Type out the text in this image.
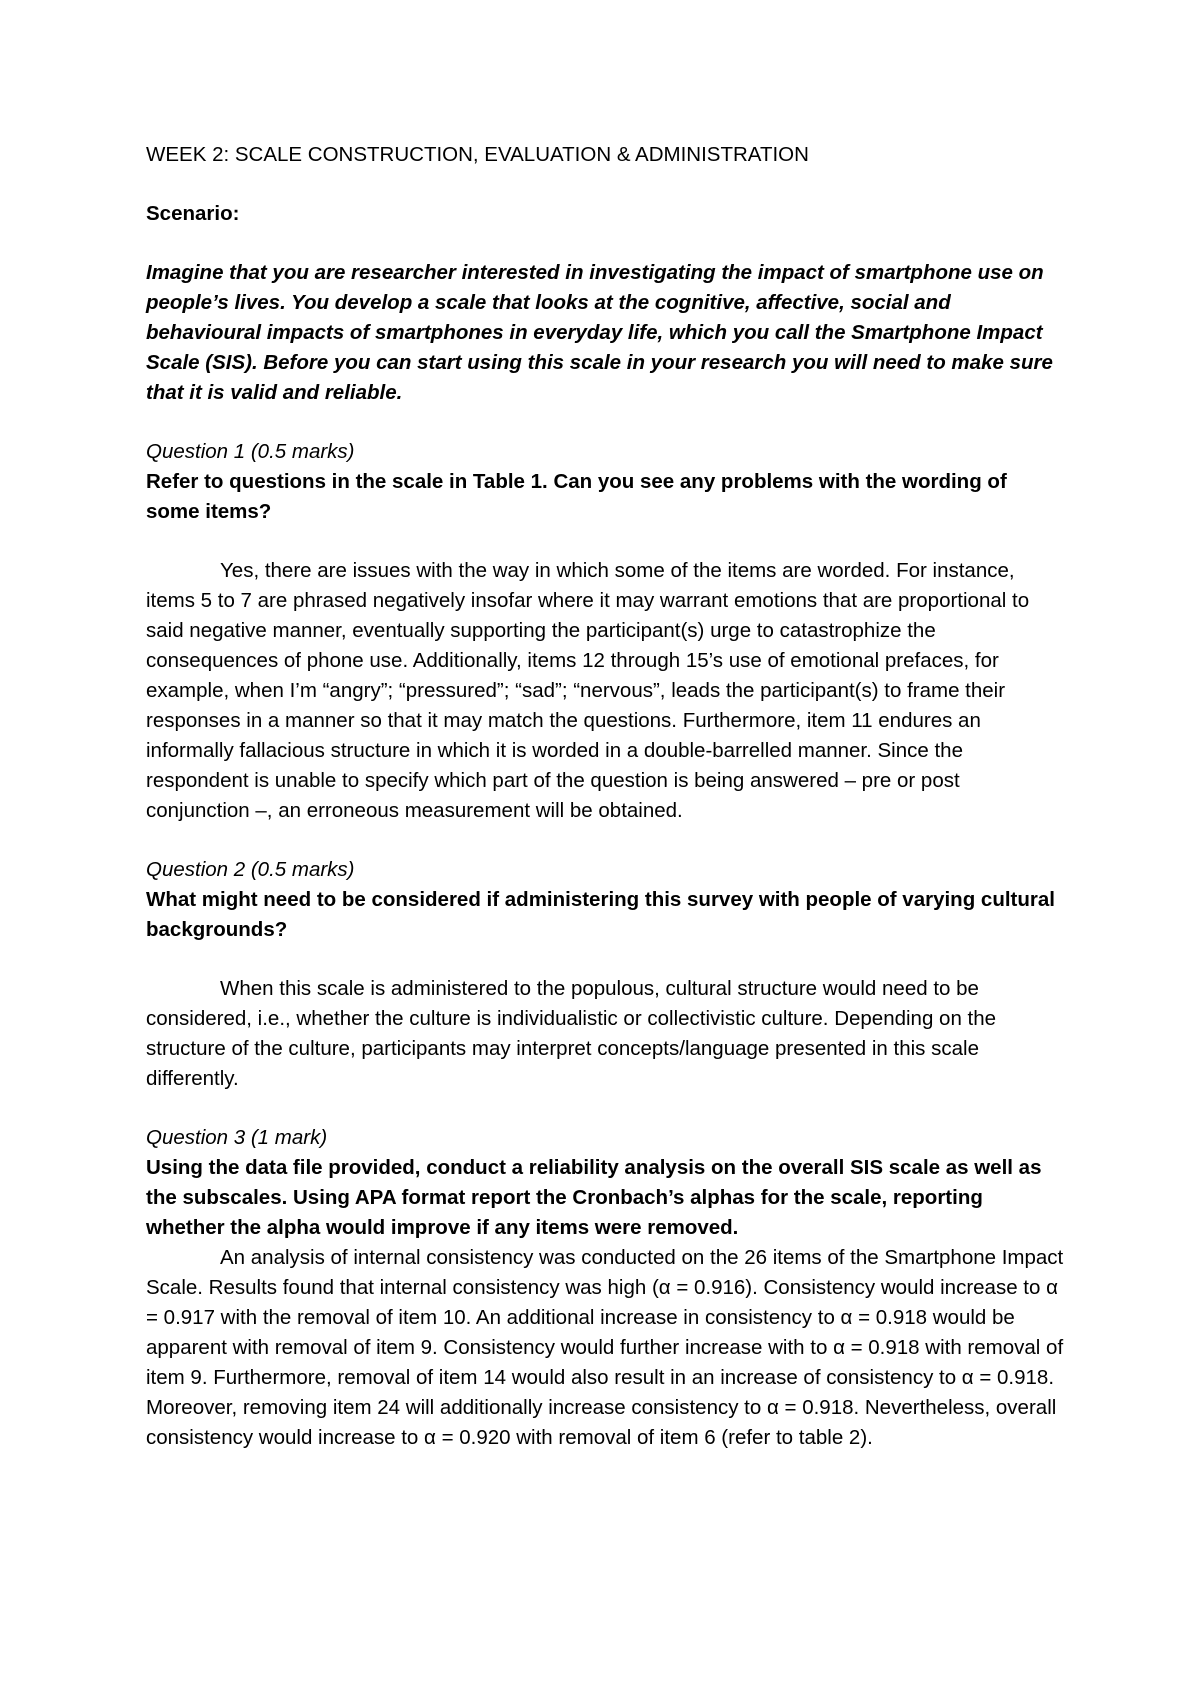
WEEK 2: SCALE CONSTRUCTION, EVALUATION & ADMINISTRATION

Scenario:

Imagine that you are researcher interested in investigating the impact of smartphone use on people’s lives. You develop a scale that looks at the cognitive, affective, social and behavioural impacts of smartphones in everyday life, which you call the Smartphone Impact Scale (SIS). Before you can start using this scale in your research you will need to make sure that it is valid and reliable.

Question 1 (0.5 marks)

Refer to questions in the scale in Table 1. Can you see any problems with the wording of some items?

Yes, there are issues with the way in which some of the items are worded. For instance, items 5 to 7 are phrased negatively insofar where it may warrant emotions that are proportional to said negative manner, eventually supporting the participant(s) urge to catastrophize the consequences of phone use. Additionally, items 12 through 15’s use of emotional prefaces, for example, when I’m “angry”; “pressured”; “sad”; “nervous”, leads the participant(s) to frame their responses in a manner so that it may match the questions. Furthermore, item 11 endures an informally fallacious structure in which it is worded in a double-barrelled manner. Since the respondent is unable to specify which part of the question is being answered – pre or post conjunction –, an erroneous measurement will be obtained.

Question 2 (0.5 marks)

What might need to be considered if administering this survey with people of varying cultural backgrounds?

When this scale is administered to the populous, cultural structure would need to be considered, i.e., whether the culture is individualistic or collectivistic culture. Depending on the structure of the culture, participants may interpret concepts/language presented in this scale differently.

Question 3 (1 mark)

Using the data file provided, conduct a reliability analysis on the overall SIS scale as well as the subscales. Using APA format report the Cronbach’s alphas for the scale, reporting whether the alpha would improve if any items were removed.

An analysis of internal consistency was conducted on the 26 items of the Smartphone Impact Scale. Results found that internal consistency was high (α = 0.916). Consistency would increase to α = 0.917 with the removal of item 10. An additional increase in consistency to α = 0.918 would be apparent with removal of item 9. Consistency would further increase with to α = 0.918 with removal of item 9. Furthermore, removal of item 14 would also result in an increase of consistency to α = 0.918. Moreover, removing item 24 will additionally increase consistency to α = 0.918. Nevertheless, overall consistency would increase to α = 0.920 with removal of item 6 (refer to table 2).
